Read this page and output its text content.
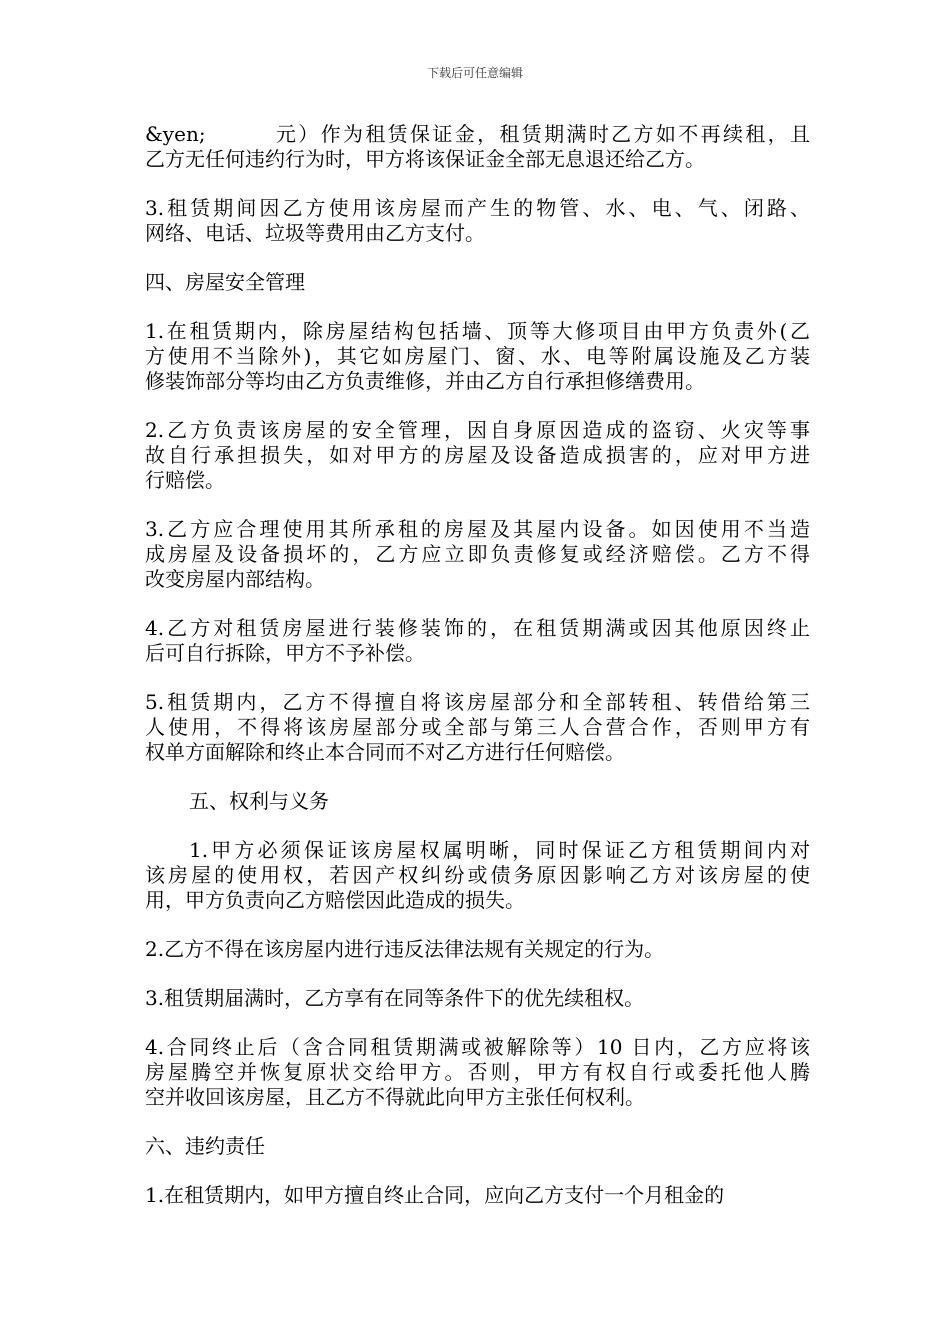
下载后可任意编辑

&yen;	元）作为租赁保证金，租赁期满时乙方如不再续租，且
乙方无任何违约行为时，甲方将该保证金全部无息退还给乙方。

3.租赁期间因乙方使用该房屋而产生的物管、水、电、气、闭路、
网络、电话、垃圾等费用由乙方支付。

四、房屋安全管理

1.在租赁期内，除房屋结构包括墙、顶等大修项目由甲方负责外(乙
方使用不当除外)，其它如房屋门、窗、水、电等附属设施及乙方装
修装饰部分等均由乙方负责维修，并由乙方自行承担修缮费用。

2.乙方负责该房屋的安全管理，因自身原因造成的盗窃、火灾等事
故自行承担损失，如对甲方的房屋及设备造成损害的，应对甲方进
行赔偿。

3.乙方应合理使用其所承租的房屋及其屋内设备。如因使用不当造
成房屋及设备损坏的，乙方应立即负责修复或经济赔偿。乙方不得
改变房屋内部结构。

4.乙方对租赁房屋进行装修装饰的，在租赁期满或因其他原因终止
后可自行拆除，甲方不予补偿。

5.租赁期内，乙方不得擅自将该房屋部分和全部转租、转借给第三
人使用，不得将该房屋部分或全部与第三人合营合作，否则甲方有
权单方面解除和终止本合同而不对乙方进行任何赔偿。

五、权利与义务

1.甲方必须保证该房屋权属明晰，同时保证乙方租赁期间内对
该房屋的使用权，若因产权纠纷或债务原因影响乙方对该房屋的使
用，甲方负责向乙方赔偿因此造成的损失。

2.乙方不得在该房屋内进行违反法律法规有关规定的行为。

3.租赁期届满时，乙方享有在同等条件下的优先续租权。

4.合同终止后（含合同租赁期满或被解除等）10 日内，乙方应将该
房屋腾空并恢复原状交给甲方。否则，甲方有权自行或委托他人腾
空并收回该房屋，且乙方不得就此向甲方主张任何权利。

六、违约责任

1.在租赁期内，如甲方擅自终止合同，应向乙方支付一个月租金的
